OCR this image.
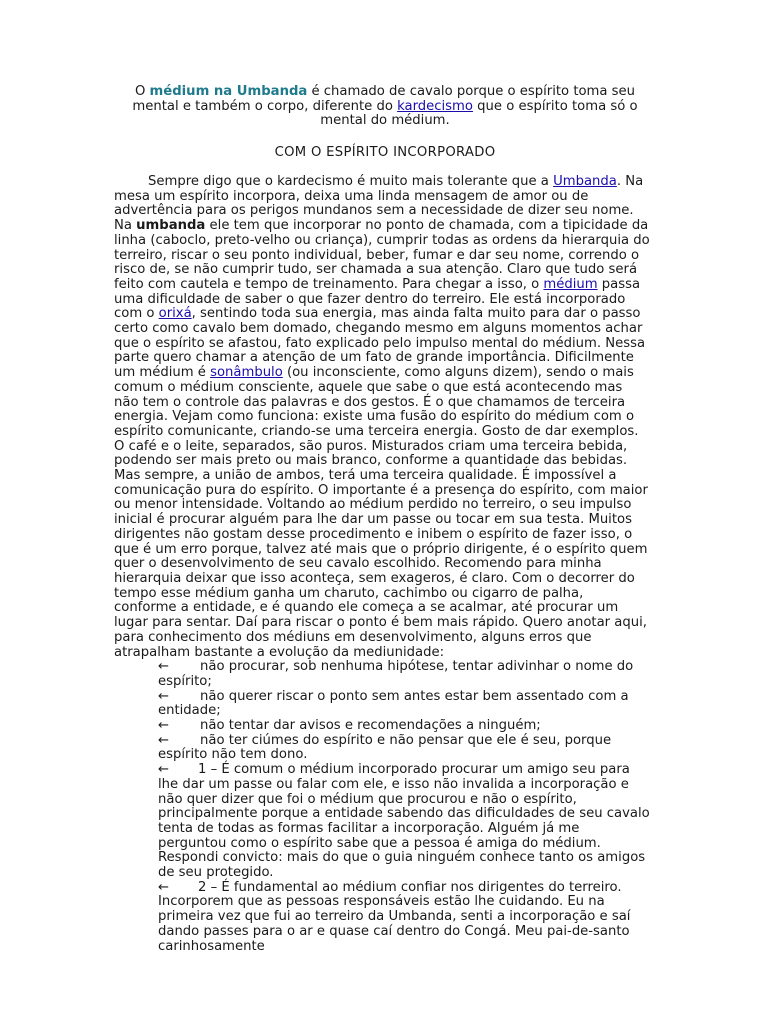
O médium na Umbanda é chamado de cavalo porque o espírito toma seu mental e também o corpo, diferente do kardecismo que o espírito toma só o mental do médium.
COM O ESPÍRITO INCORPORADO

Sempre digo que o kardecismo é muito mais tolerante que a Umbanda. Na mesa um espírito incorpora, deixa uma linda mensagem de amor ou de advertência para os perigos mundanos sem a necessidade de dizer seu nome. Na umbanda ele tem que incorporar no ponto de chamada, com a tipicidade da linha (caboclo, preto-velho ou criança), cumprir todas as ordens da hierarquia do terreiro, riscar o seu ponto individual, beber, fumar e dar seu nome, correndo o risco de, se não cumprir tudo, ser chamada a sua atenção. Claro que tudo será feito com cautela e tempo de treinamento. Para chegar a isso, o médium passa uma dificuldade de saber o que fazer dentro do terreiro. Ele está incorporado com o orixá, sentindo toda sua energia, mas ainda falta muito para dar o passo certo como cavalo bem domado, chegando mesmo em alguns momentos achar que o espírito se afastou, fato explicado pelo impulso mental do médium. Nessa parte quero chamar a atenção de um fato de grande importância. Dificilmente um médium é sonâmbulo (ou inconsciente, como alguns dizem), sendo o mais comum o médium consciente, aquele que sabe o que está acontecendo mas não tem o controle das palavras e dos gestos. É o que chamamos de terceira energia. Vejam como funciona: existe uma fusão do espírito do médium com o espírito comunicante, criando-se uma terceira energia. Gosto de dar exemplos. O café e o leite, separados, são puros. Misturados criam uma terceira bebida, podendo ser mais preto ou mais branco, conforme a quantidade das bebidas. Mas sempre, a união de ambos, terá uma terceira qualidade. É impossível a comunicação pura do espírito. O importante é a presença do espírito, com maior ou menor intensidade. Voltando ao médium perdido no terreiro, o seu impulso inicial é procurar alguém para lhe dar um passe ou tocar em sua testa. Muitos dirigentes não gostam desse procedimento e inibem o espírito de fazer isso, o que é um erro porque, talvez até mais que o próprio dirigente, é o espírito quem quer o desenvolvimento de seu cavalo escolhido. Recomendo para minha hierarquia deixar que isso aconteça, sem exageros, é claro. Com o decorrer do tempo esse médium ganha um charuto, cachimbo ou cigarro de palha, conforme a entidade, e é quando ele começa a se acalmar, até procurar um lugar para sentar. Daí para riscar o ponto é bem mais rápido. Quero anotar aqui, para conhecimento dos médiuns em desenvolvimento, alguns erros que atrapalham bastante a evolução da mediunidade:

← não procurar, sob nenhuma hipótese, tentar adivinhar o nome do espírito;

← não querer riscar o ponto sem antes estar bem assentado com a entidade;

← não tentar dar avisos e recomendações a ninguém;

← não ter ciúmes do espírito e não pensar que ele é seu, porque espírito não tem dono.

← 1 – É comum o médium incorporado procurar um amigo seu para lhe dar um passe ou falar com ele, e isso não invalida a incorporação e não quer dizer que foi o médium que procurou e não o espírito, principalmente porque a entidade sabendo das dificuldades de seu cavalo tenta de todas as formas facilitar a incorporação. Alguém já me perguntou como o espírito sabe que a pessoa é amiga do médium. Respondi convicto: mais do que o guia ninguém conhece tanto os amigos de seu protegido.

← 2 – É fundamental ao médium confiar nos dirigentes do terreiro. Incorporem que as pessoas responsáveis estão lhe cuidando. Eu na primeira vez que fui ao terreiro da Umbanda, senti a incorporação e saí dando passes para o ar e quase caí dentro do Congá. Meu pai-de-santo carinhosamente
